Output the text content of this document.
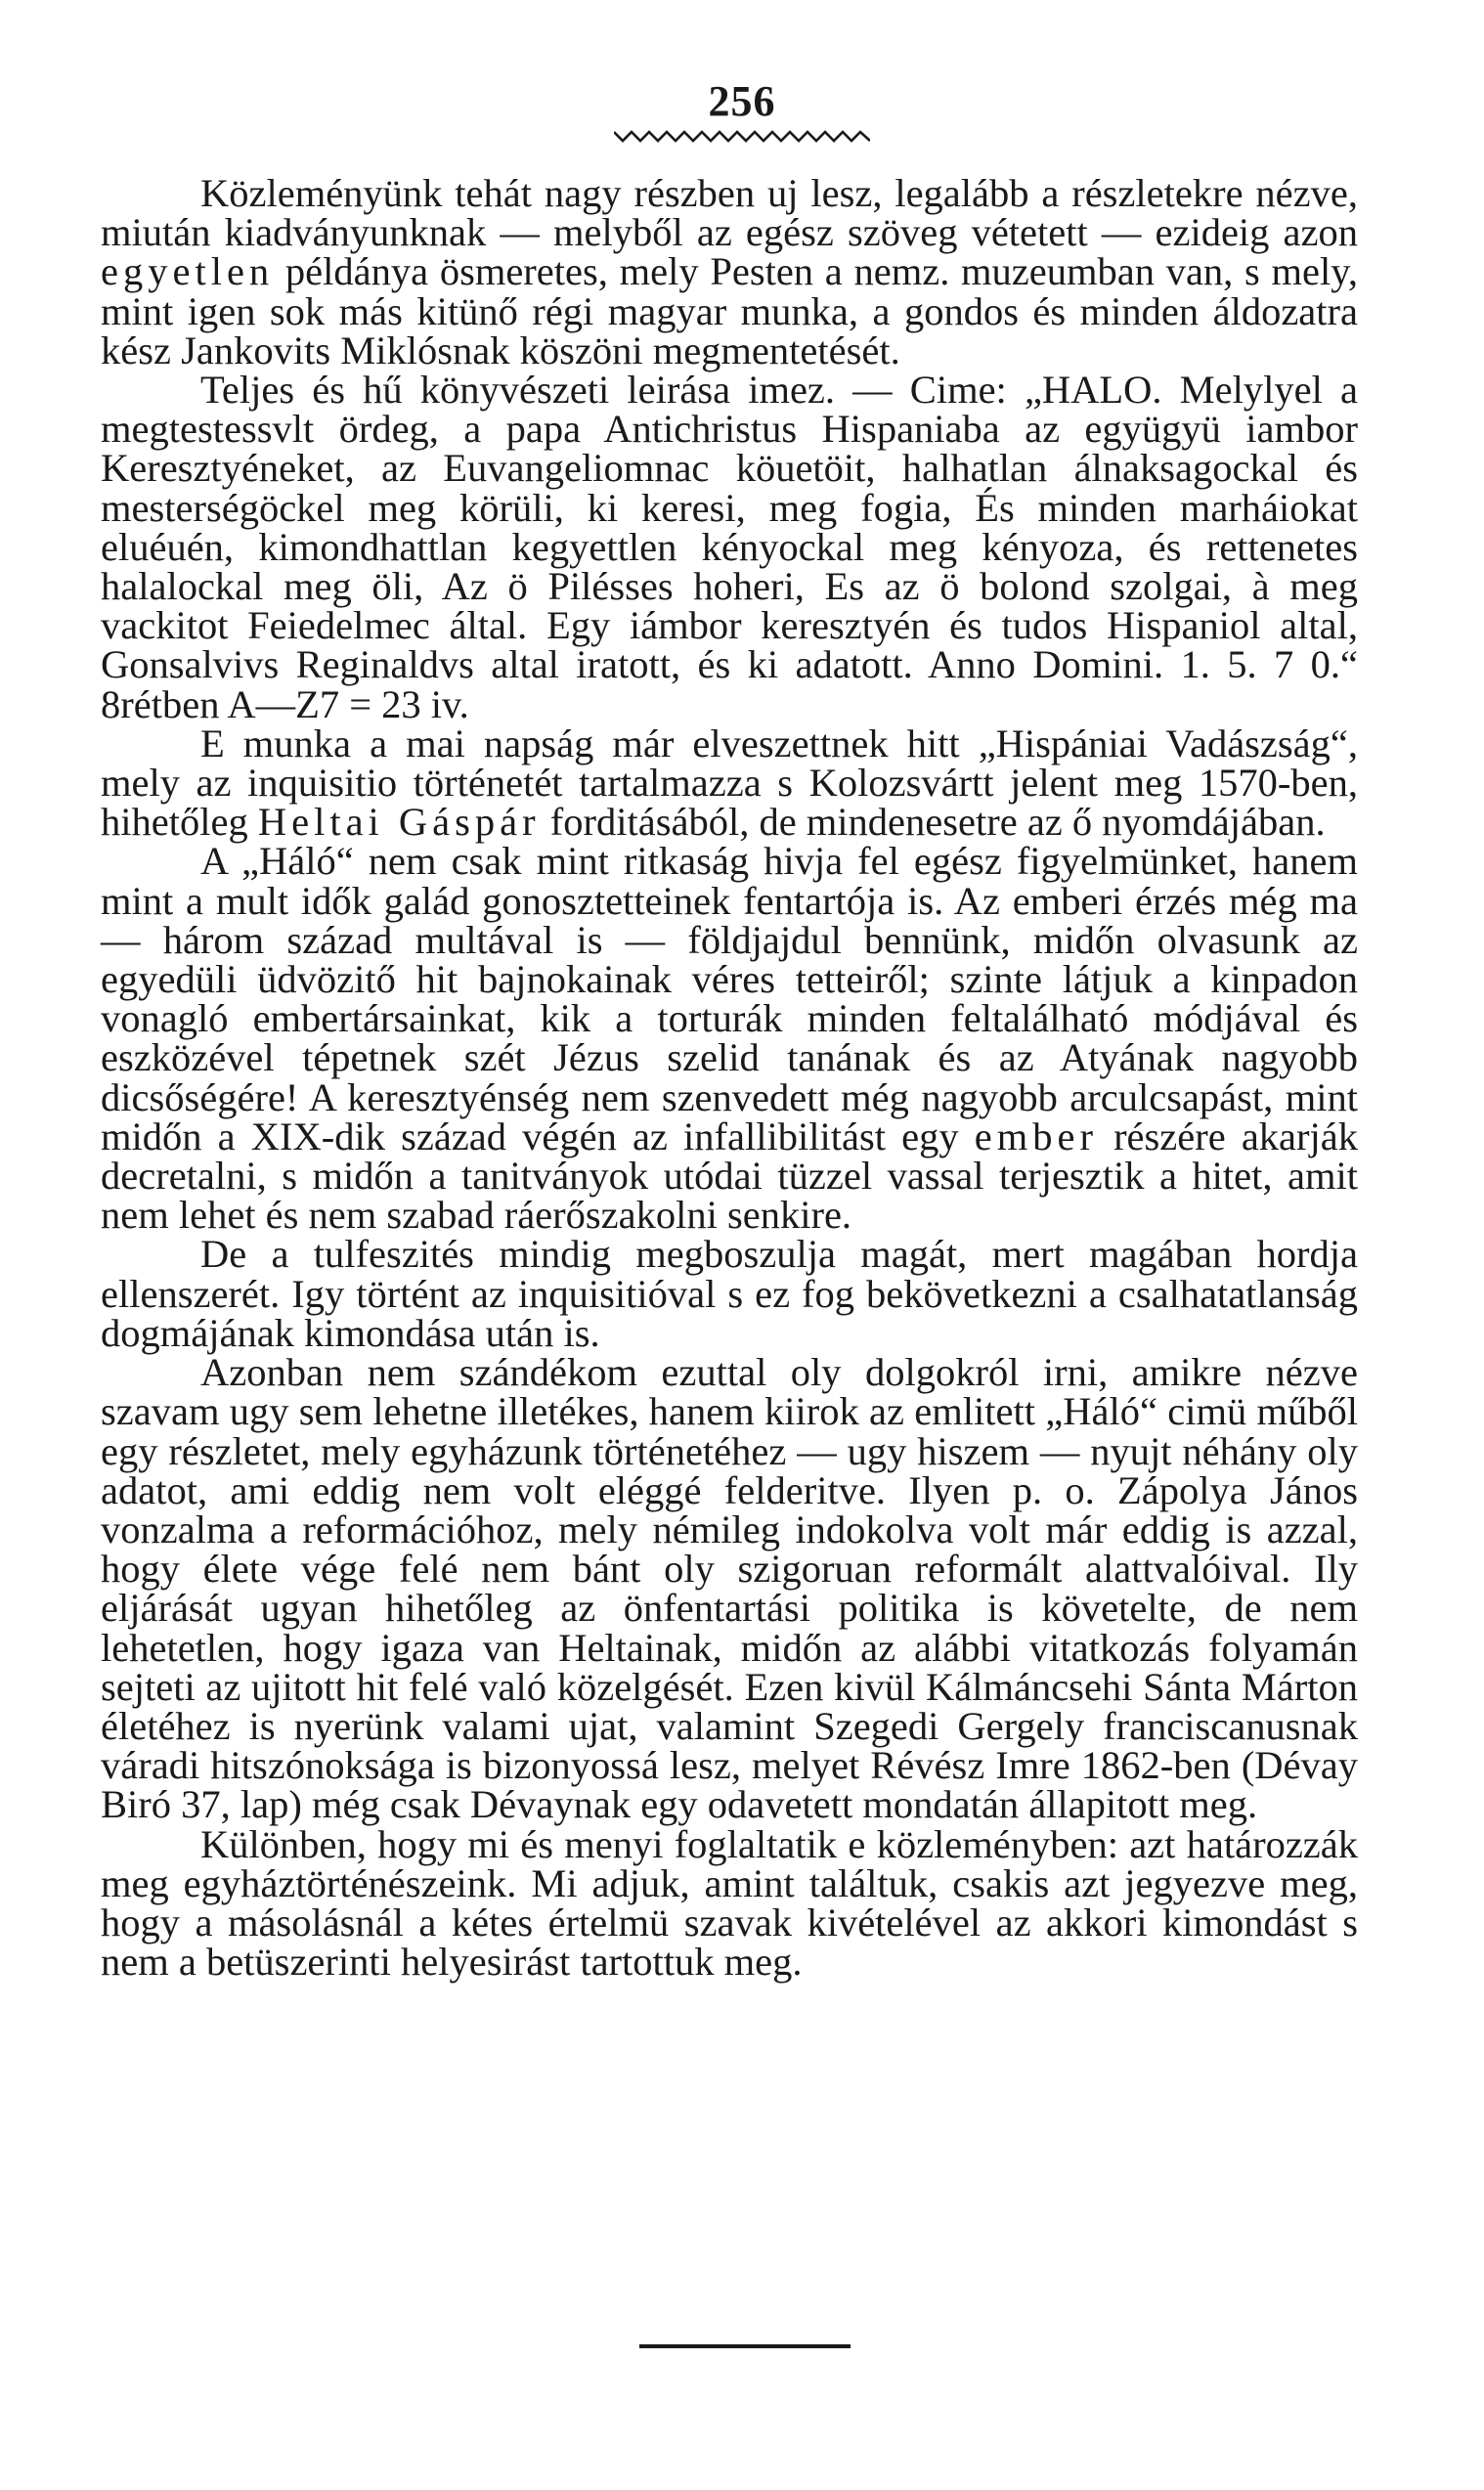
256

Közleményünk tehát nagy részben uj lesz, legalább a részletekre nézve, miután kiadványunknak — melyből az egész szöveg vétetett — ezideig azon egyetlen példánya ösmeretes, mely Pesten a nemz. muzeumban van, s mely, mint igen sok más kitünő régi magyar munka, a gondos és minden áldozatra kész Jankovits Miklósnak köszöni megmentetését.

Teljes és hű könyvészeti leirása imez. — Cime: „HALO. Melylyel a megtestessvlt ördeg, a papa Antichristus Hispaniaba az együgyü iambor Keresztyéneket, az Euvangeliomnac köuetöit, halhatlan álnaksagockal és mesterségöckel meg körüli, ki keresi, meg fogia, És minden marháiokat eluéuén, kimondhattlan kegyettlen kényockal meg kényoza, és rettenetes halalockal meg öli, Az ö Pilésses hoheri, Es az ö bolond szolgai, à meg vackitot Feiedelmec által. Egy iámbor keresztyén és tudos Hispaniol altal, Gonsalvivs Reginaldvs altal iratott, és ki adatott. Anno Domini. 1. 5. 7 0.“ 8rétben A—Z7 = 23 iv.

E munka a mai napság már elveszettnek hitt „Hispániai Vadászság“, mely az inquisitio történetét tartalmazza s Kolozsvártt jelent meg 1570-ben, hihetőleg Heltai Gáspár forditásából, de mindenesetre az ő nyomdájában.

A „Háló“ nem csak mint ritkaság hivja fel egész figyelmünket, hanem mint a mult idők galád gonosztetteinek fentartója is. Az emberi érzés még ma — három század multával is — földjajdul bennünk, midőn olvasunk az egyedüli üdvözitő hit bajnokainak véres tetteiről; szinte látjuk a kinpadon vonagló embertársainkat, kik a torturák minden feltalálható módjával és eszközével tépetnek szét Jézus szelid tanának és az Atyának nagyobb dicsőségére! A keresztyénség nem szenvedett még nagyobb arculcsapást, mint midőn a XIX-dik század végén az infallibilitást egy ember részére akarják decretalni, s midőn a tanitványok utódai tüzzel vassal terjesztik a hitet, amit nem lehet és nem szabad ráerőszakolni senkire.

De a tulfeszités mindig megboszulja magát, mert magában hordja ellenszerét. Igy történt az inquisitióval s ez fog bekövetkezni a csalhatatlanság dogmájának kimondása után is.

Azonban nem szándékom ezuttal oly dolgokról irni, amikre nézve szavam ugy sem lehetne illetékes, hanem kiirok az emlitett „Háló“ cimü műből egy részletet, mely egyházunk történetéhez — ugy hiszem — nyujt néhány oly adatot, ami eddig nem volt eléggé felderitve. Ilyen p. o. Zápolya János vonzalma a reformációhoz, mely némileg indokolva volt már eddig is azzal, hogy élete vége felé nem bánt oly szigoruan reformált alattvalóival. Ily eljárását ugyan hihetőleg az önfentartási politika is követelte, de nem lehetetlen, hogy igaza van Heltainak, midőn az alábbi vitatkozás folyamán sejteti az ujitott hit felé való közelgését. Ezen kivül Kálmáncsehi Sánta Márton életéhez is nyerünk valami ujat, valamint Szegedi Gergely franciscanusnak váradi hitszónoksága is bizonyossá lesz, melyet Révész Imre 1862-ben (Dévay Biró 37, lap) még csak Dévaynak egy odavetett mondatán állapitott meg.

Különben, hogy mi és menyi foglaltatik e közleményben: azt határozzák meg egyháztörténészeink. Mi adjuk, amint találtuk, csakis azt jegyezve meg, hogy a másolásnál a kétes értelmü szavak kivételével az akkori kimondást s nem a betüszerinti helyesirást tartottuk meg.
